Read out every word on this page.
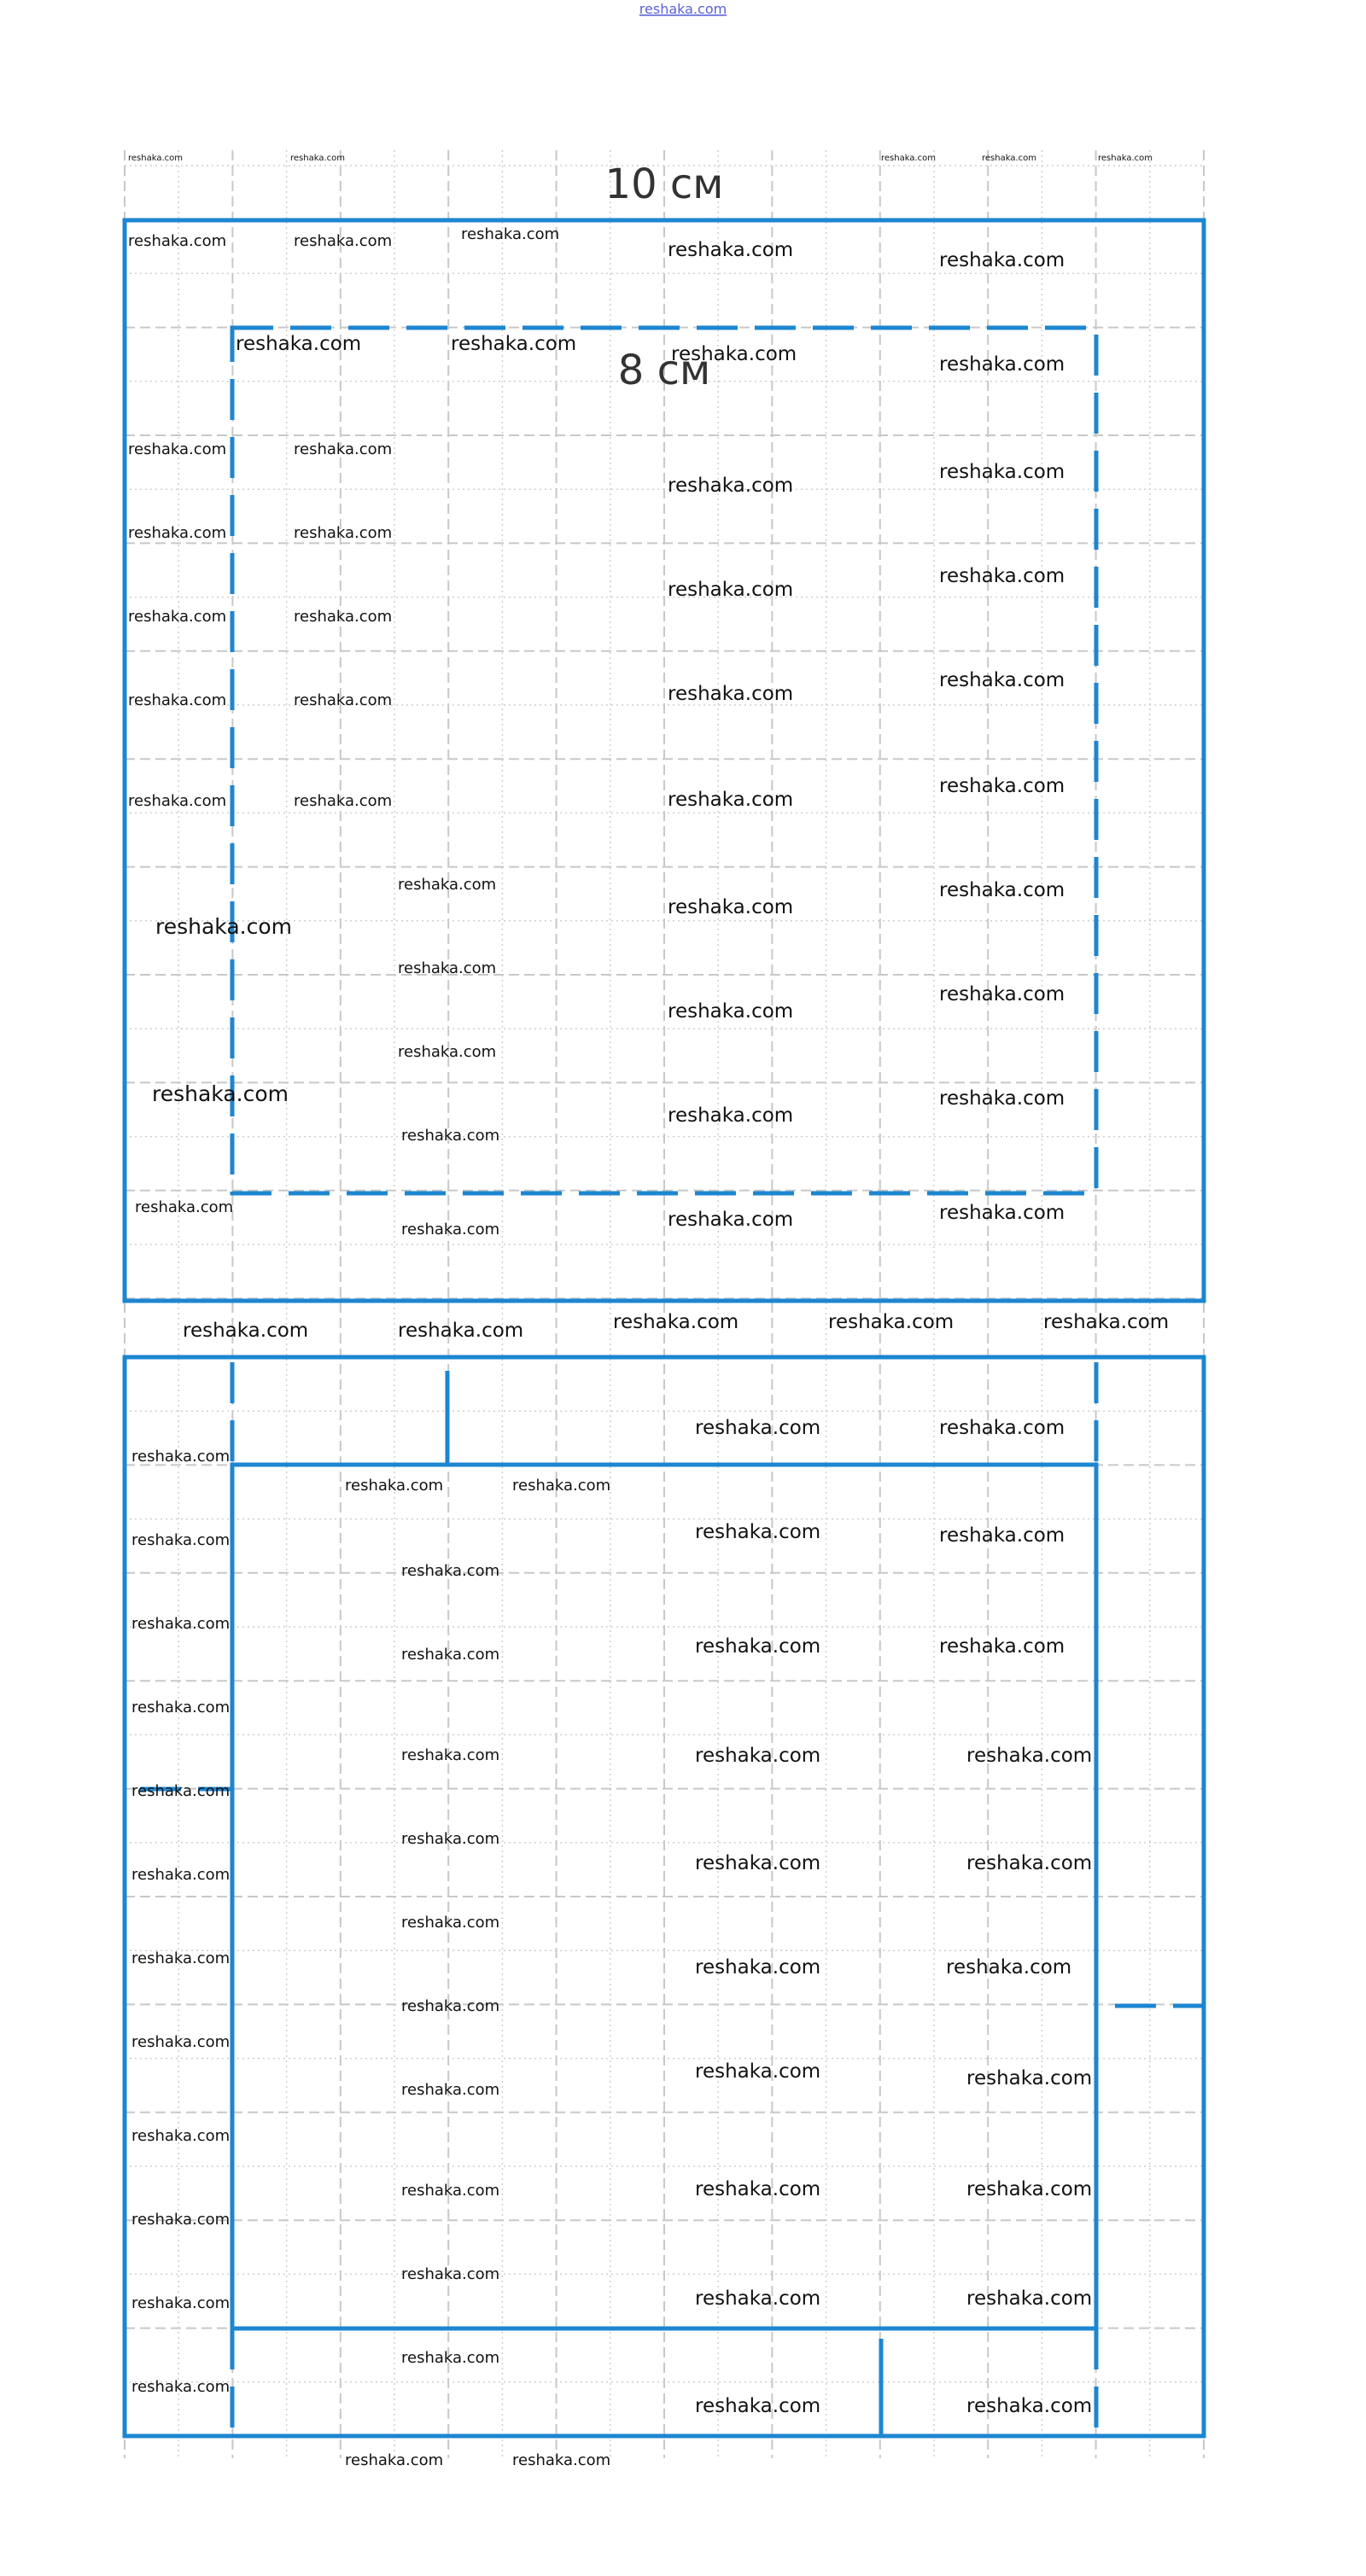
reshaka.com
10 см
8 см
reshaka.com	reshaka.com	reshaka.com	reshaka.com	reshaka.com
reshaka.com	reshaka.com	reshaka.com
reshaka.com	reshaka.com
reshaka.com	reshaka.com	reshaka.com	reshaka.com
reshaka.com	reshaka.com
reshaka.com
reshaka.com
reshaka.com	reshaka.com
reshaka.com
reshaka.com
reshaka.com	reshaka.com
reshaka.com
reshaka.com
reshaka.com	reshaka.com
reshaka.com
reshaka.com
reshaka.com	reshaka.com
reshaka.com
reshaka.com
reshaka.com
reshaka.com
reshaka.com
reshaka.com
reshaka.com
reshaka.com
reshaka.com
reshaka.com
reshaka.com
reshaka.com
reshaka.com
reshaka.com	reshaka.com	reshaka.com
reshaka.com	reshaka.com	reshaka.com	reshaka.com	reshaka.com
reshaka.com	reshaka.com
reshaka.com
reshaka.com	reshaka.com
reshaka.com	reshaka.com	reshaka.com
reshaka.com
reshaka.com
reshaka.com	reshaka.com
reshaka.com
reshaka.com
reshaka.com	reshaka.com
reshaka.com
reshaka.com
reshaka.com
reshaka.com	reshaka.com
reshaka.com
reshaka.com
reshaka.com	reshaka.com
reshaka.com
reshaka.com
reshaka.com	reshaka.com
reshaka.com
reshaka.com
reshaka.com
reshaka.com	reshaka.com	reshaka.com
reshaka.com
reshaka.com
reshaka.com	reshaka.com	reshaka.com
reshaka.com
reshaka.com
reshaka.com	reshaka.com
reshaka.com	reshaka.com
